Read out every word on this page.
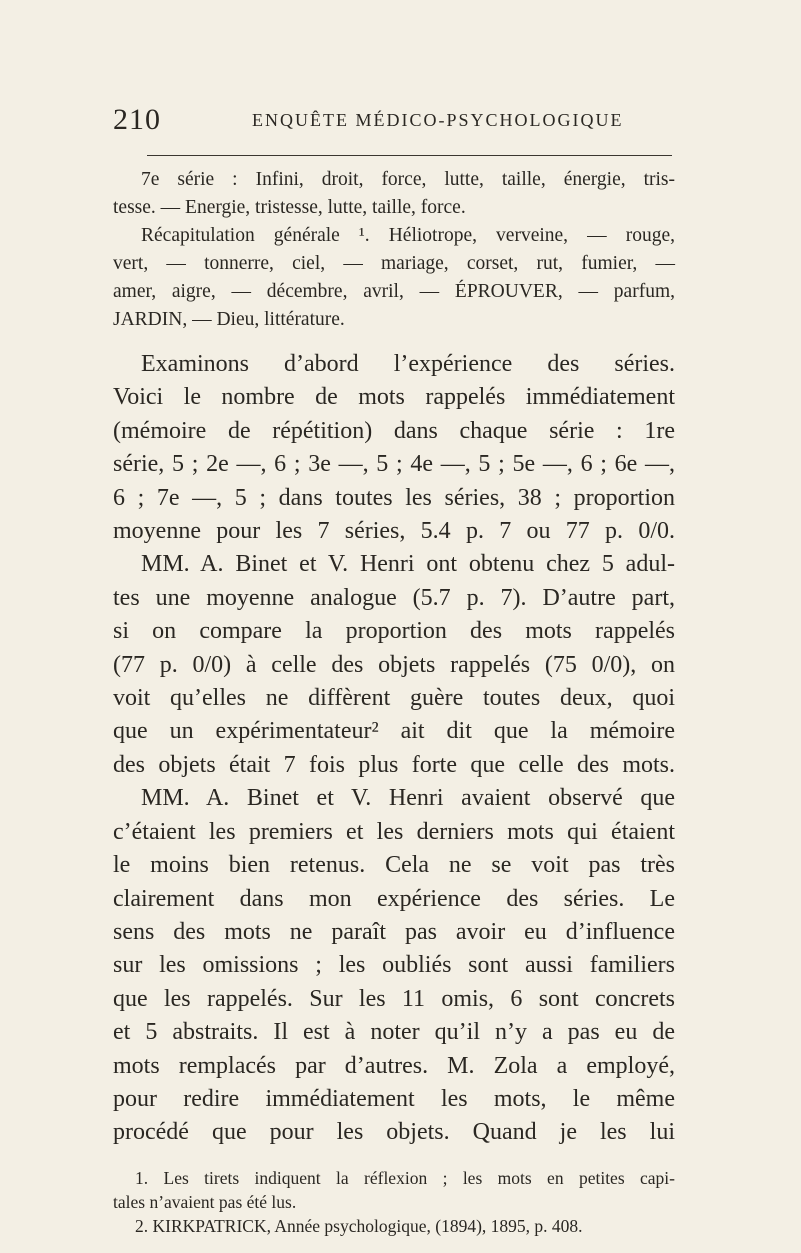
210	ENQUÊTE MÉDICO-PSYCHOLOGIQUE
7e série : Infini, droit, force, lutte, taille, énergie, tris-
tesse. — Energie, tristesse, lutte, taille, force.
Récapitulation générale ¹. Héliotrope, verveine, — rouge,
vert, — tonnerre, ciel, — mariage, corset, rut, fumier, —
amer, aigre, — décembre, avril, — ÉPROUVER, — parfum,
JARDIN, — Dieu, littérature.
Examinons d’abord l’expérience des séries.
Voici le nombre de mots rappelés immédiatement
(mémoire de répétition) dans chaque série : 1re
série, 5 ; 2e —, 6 ; 3e —, 5 ; 4e —, 5 ; 5e —, 6 ; 6e —,
6 ; 7e —, 5 ; dans toutes les séries, 38 ; proportion
moyenne pour les 7 séries, 5.4 p. 7 ou 77 p. 0/0.
MM. A. Binet et V. Henri ont obtenu chez 5 adul-
tes une moyenne analogue (5.7 p. 7). D’autre part,
si on compare la proportion des mots rappelés
(77 p. 0/0) à celle des objets rappelés (75 0/0), on
voit qu’elles ne diffèrent guère toutes deux, quoi
que un expérimentateur² ait dit que la mémoire
des objets était 7 fois plus forte que celle des mots.
MM. A. Binet et V. Henri avaient observé que
c’étaient les premiers et les derniers mots qui étaient
le moins bien retenus. Cela ne se voit pas très
clairement dans mon expérience des séries. Le
sens des mots ne paraît pas avoir eu d’influence
sur les omissions ; les oubliés sont aussi familiers
que les rappelés. Sur les 11 omis, 6 sont concrets
et 5 abstraits. Il est à noter qu’il n’y a pas eu de
mots remplacés par d’autres. M. Zola a employé,
pour redire immédiatement les mots, le même
procédé que pour les objets. Quand je les lui
1. Les tirets indiquent la réflexion ; les mots en petites capi-
tales n’avaient pas été lus.
2. KIRKPATRICK, Année psychologique, (1894), 1895, p. 408.
